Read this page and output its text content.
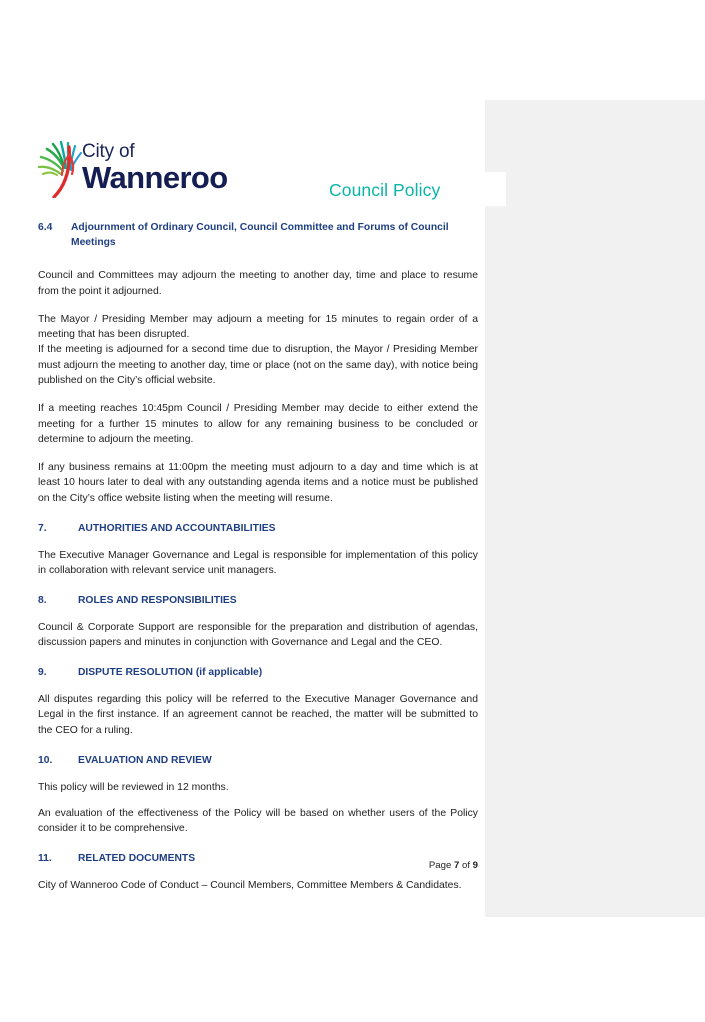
City of
Wanneroo	Council Policy
6.4	Adjournment of Ordinary Council, Council Committee and Forums of Council Meetings

Council and Committees may adjourn the meeting to another day, time and place to resume from the point it adjourned.

The Mayor / Presiding Member may adjourn a meeting for 15 minutes to regain order of a meeting that has been disrupted.

If the meeting is adjourned for a second time due to disruption, the Mayor / Presiding Member must adjourn the meeting to another day, time or place (not on the same day), with notice being published on the City’s official website.

If a meeting reaches 10:45pm Council / Presiding Member may decide to either extend the meeting for a further 15 minutes to allow for any remaining business to be concluded or determine to adjourn the meeting.

If any business remains at 11:00pm the meeting must adjourn to a day and time which is at least 10 hours later to deal with any outstanding agenda items and a notice must be published on the City’s office website listing when the meeting will resume.

7.	AUTHORITIES AND ACCOUNTABILITIES

The Executive Manager Governance and Legal is responsible for implementation of this policy in collaboration with relevant service unit managers.

8.	ROLES AND RESPONSIBILITIES

Council & Corporate Support are responsible for the preparation and distribution of agendas, discussion papers and minutes in conjunction with Governance and Legal and the CEO.

9.	DISPUTE RESOLUTION (if applicable)

All disputes regarding this policy will be referred to the Executive Manager Governance and Legal in the first instance. If an agreement cannot be reached, the matter will be submitted to the CEO for a ruling.

10.	EVALUATION AND REVIEW

This policy will be reviewed in 12 months.

An evaluation of the effectiveness of the Policy will be based on whether users of the Policy consider it to be comprehensive.

11.	RELATED DOCUMENTS

City of Wanneroo Code of Conduct – Council Members, Committee Members & Candidates.

Page 7 of 9
